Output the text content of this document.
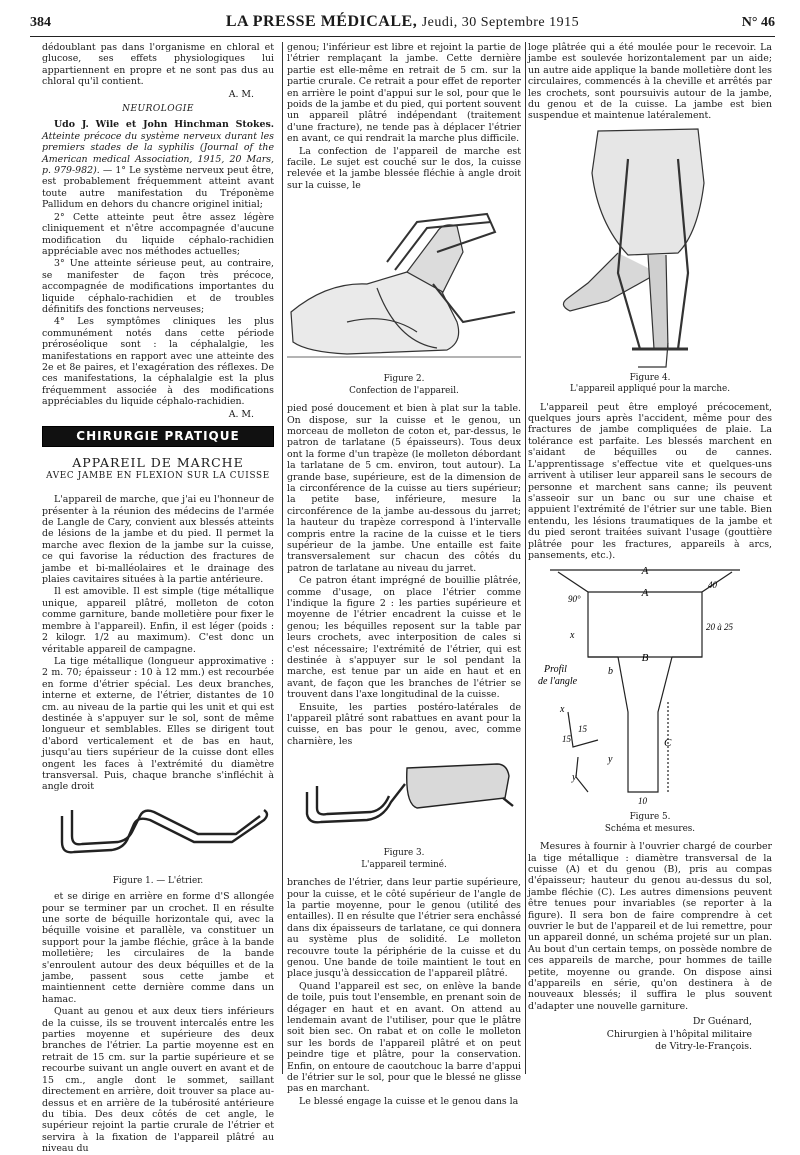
384	LA PRESSE MÉDICALE, Jeudi, 30 Septembre 1915	N° 46

dédoublant pas dans l'organisme en chloral et glucose, ses effets physiologiques lui appartiennent en propre et ne sont pas dus au chloral qu'il contient.

A. M.

NEUROLOGIE

Udo J. Wile et John Hinchman Stokes. Atteinte précoce du système nerveux durant les premiers stades de la syphilis (Journal of the American medical Association, 1915, 20 Mars, p. 979-982). — 1° Le système nerveux peut être, est probablement fréquemment atteint avant toute autre manifestation du Tréponème Pallidum en dehors du chancre originel initial;

2° Cette atteinte peut être assez légère cliniquement et n'être accompagnée d'aucune modification du liquide céphalo-rachidien appréciable avec nos méthodes actuelles;

3° Une atteinte sérieuse peut, au contraire, se manifester de façon très précoce, accompagnée de modifications importantes du liquide céphalo-rachidien et de troubles définitifs des fonctions nerveuses;

4° Les symptômes cliniques les plus communément notés dans cette période préroséolique sont : la céphalalgie, les manifestations en rapport avec une atteinte des 2e et 8e paires, et l'exagération des réflexes. De ces manifestations, la céphalalgie est la plus fréquemment associée à des modifications appréciables du liquide céphalo-rachidien.

A. M.

CHIRURGIE PRATIQUE
APPAREIL DE MARCHE
AVEC JAMBE EN FLEXION SUR LA CUISSE

L'appareil de marche, que j'ai eu l'honneur de présenter à la réunion des médecins de l'armée de Langle de Cary, convient aux blessés atteints de lésions de la jambe et du pied. Il permet la marche avec flexion de la jambe sur la cuisse, ce qui favorise la réduction des fractures de jambe et bi-malléolaires et le drainage des plaies cavitaires situées à la partie antérieure.

Il est amovible. Il est simple (tige métallique unique, appareil plâtré, molleton de coton comme garniture, bande molletière pour fixer le membre à l'appareil). Enfin, il est léger (poids : 2 kilogr. 1/2 au maximum). C'est donc un véritable appareil de campagne.

La tige métallique (longueur approximative : 2 m. 70; épaisseur : 10 à 12 mm.) est recourbée en forme d'étrier spécial. Les deux branches, interne et externe, de l'étrier, distantes de 10 cm. au niveau de la partie qui les unit et qui est destinée à s'appuyer sur le sol, sont de même longueur et semblables. Elles se dirigent tout d'abord verticalement et de bas en haut, jusqu'au tiers supérieur de la cuisse dont elles ongent les faces à l'extrémité du diamètre transversal. Puis, chaque branche s'infléchit à angle droit

Figure 1. — L'étrier.

et se dirige en arrière en forme d'S allongée pour se terminer par un crochet. Il en résulte une sorte de béquille horizontale qui, avec la béquille voisine et parallèle, va constituer un support pour la jambe fléchie, grâce à la bande molletière; les circulaires de la bande s'enroulent autour des deux béquilles et de la jambe, passent sous cette jambe et maintiennent cette dernière comme dans un hamac.

Quant au genou et aux deux tiers inférieurs de la cuisse, ils se trouvent intercalés entre les parties moyenne et supérieure des deux branches de l'étrier. La partie moyenne est en retrait de 15 cm. sur la partie supérieure et se recourbe suivant un angle ouvert en avant et de 15 cm., angle dont le sommet, saillant directement en arrière, doit trouver sa place au-dessus et en arrière de la tubérosité antérieure du tibia. Des deux côtés de cet angle, le supérieur rejoint la partie crurale de l'étrier et servira à la fixation de l'appareil plâtré au niveau du

genou; l'inférieur est libre et rejoint la partie de l'étrier remplaçant la jambe. Cette dernière partie est elle-même en retrait de 5 cm. sur la partie crurale. Ce retrait a pour effet de reporter en arrière le point d'appui sur le sol, pour que le poids de la jambe et du pied, qui portent souvent un appareil plâtré indépendant (traitement d'une fracture), ne tende pas à déplacer l'étrier en avant, ce qui rendrait la marche plus difficile.

La confection de l'appareil de marche est facile. Le sujet est couché sur le dos, la cuisse relevée et la jambe blessée fléchie à angle droit sur la cuisse, le

Figure 2.
Confection de l'appareil.

pied posé doucement et bien à plat sur la table. On dispose, sur la cuisse et le genou, un morceau de molleton de coton et, par-dessus, le patron de tarlatane (5 épaisseurs). Tous deux ont la forme d'un trapèze (le molleton débordant la tarlatane de 5 cm. environ, tout autour). La grande base, supérieure, est de la dimension de la circonférence de la cuisse au tiers supérieur; la petite base, inférieure, mesure la circonférence de la jambe au-dessous du jarret; la hauteur du trapèze correspond à l'intervalle compris entre la racine de la cuisse et le tiers supérieur de la jambe. Une entaille est faite transversalement sur chacun des côtés du patron de tarlatane au niveau du jarret.

Ce patron étant imprégné de bouillie plâtrée, comme d'usage, on place l'étrier comme l'indique la figure 2 : les parties supérieure et moyenne de l'étrier encadrent la cuisse et le genou; les béquilles reposent sur la table par leurs crochets, avec interposition de cales si c'est nécessaire; l'extrémité de l'étrier, qui est destinée à s'appuyer sur le sol pendant la marche, est tenue par un aide en haut et en avant, de façon que les branches de l'étrier se trouvent dans l'axe longitudinal de la cuisse.

Ensuite, les parties postéro-latérales de l'appareil plâtré sont rabattues en avant pour la cuisse, en bas pour le genou, avec, comme charnière, les

Figure 3.
L'appareil terminé.

branches de l'étrier, dans leur partie supérieure, pour la cuisse, et le côté supérieur de l'angle de la partie moyenne, pour le genou (utilité des entailles). Il en résulte que l'étrier sera enchâssé dans dix épaisseurs de tarlatane, ce qui donnera au système plus de solidité. Le molleton recouvre toute la périphérie de la cuisse et du genou. Une bande de toile maintient le tout en place jusqu'à dessiccation de l'appareil plâtré.

Quand l'appareil est sec, on enlève la bande de toile, puis tout l'ensemble, en prenant soin de dégager en haut et en avant. On attend au lendemain avant de l'utiliser, pour que le plâtre soit bien sec. On rabat et on colle le molleton sur les bords de l'appareil plâtré et on peut peindre tige et plâtre, pour la conservation. Enfin, on entoure de caoutchouc la barre d'appui de l'étrier sur le sol, pour que le blessé ne glisse pas en marchant.

Le blessé engage la cuisse et le genou dans la

loge plâtrée qui a été moulée pour le recevoir. La jambe est soulevée horizontalement par un aide; un autre aide applique la bande molletière dont les circulaires, commencés à la cheville et arrêtés par les crochets, sont poursuivis autour de la jambe, du genou et de la cuisse. La jambe est bien suspendue et maintenue latéralement.

Figure 4.
L'appareil appliqué pour la marche.

L'appareil peut être employé précocement, quelques jours après l'accident, même pour des fractures de jambe compliquées de plaie. La tolérance est parfaite. Les blessés marchent en s'aidant de béquilles ou de cannes. L'apprentissage s'effectue vite et quelques-uns arrivent à utiliser leur appareil sans le secours de personne et marchent sans canne; ils peuvent s'asseoir sur un banc ou sur une chaise et appuient l'extrémité de l'étrier sur une table. Bien entendu, les lésions traumatiques de la jambe et du pied seront traitées suivant l'usage (gouttière plâtrée pour les fractures, appareils à arcs, pansements, etc.).

A
A
B
C
b
40
90°
20 à 25
15
15
10
x
x
y
y
Profil
de l'angle
Figure 5.
Schéma et mesures.

Mesures à fournir à l'ouvrier chargé de courber la tige métallique : diamètre transversal de la cuisse (A) et du genou (B), pris au compas d'épaisseur; hauteur du genou au-dessus du sol, jambe fléchie (C). Les autres dimensions peuvent être tenues pour invariables (se reporter à la figure). Il sera bon de faire comprendre à cet ouvrier le but de l'appareil et de lui remettre, pour un appareil donné, un schéma projeté sur un plan. Au bout d'un certain temps, on possède nombre de ces appareils de marche, pour hommes de taille petite, moyenne ou grande. On dispose ainsi d'appareils en série, qu'on destinera à de nouveaux blessés; il suffira le plus souvent d'adapter une nouvelle garniture.

Dr Guénard,

Chirurgien à l'hôpital militaire

de Vitry-le-François.
